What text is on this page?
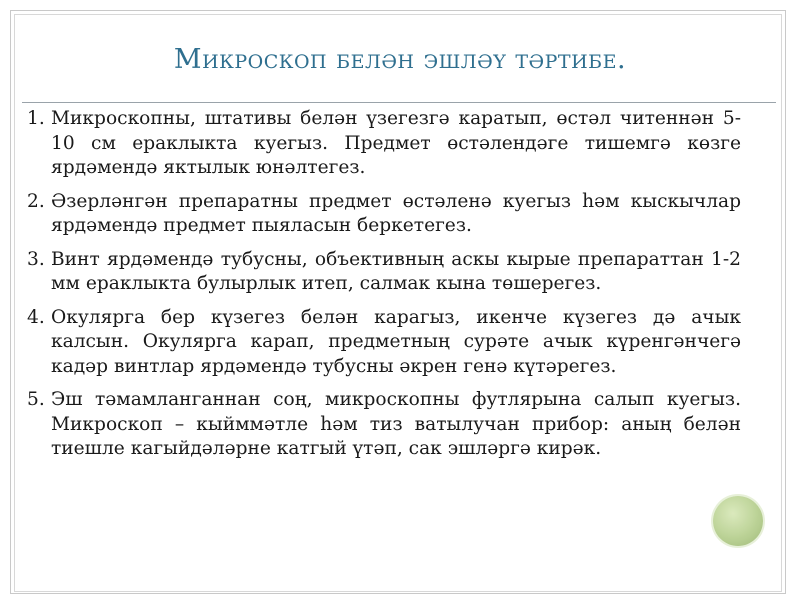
Микроскоп белән эшләү тәртибе.

1. Микроскопны, штативы белән үзегезгә каратып, өстәл читеннән 5-10 см ераклыкта куегыз. Предмет өстәлендәге тишемгә көзге ярдәмендә яктылык юнәлтегез.

2. Әзерләнгән препаратны предмет өстәленә куегыз һәм кыскычлар ярдәмендә предмет пыяласын беркетегез.

3. Винт ярдәмендә тубусны, объективның аскы кырые препараттан 1-2 мм ераклыкта булырлык итеп, салмак кына төшерегез.

4. Окулярга бер күзегез белән карагыз, икенче күзегез дә ачык калсын. Окулярга карап, предметның сурәте ачык күренгәнчегә кадәр винтлар ярдәмендә тубусны әкрен генә күтәрегез.

5. Эш тәмамланганнан соң, микроскопны футлярына салып куегыз. Микроскоп – кыйммәтле һәм тиз ватылучан прибор: аның белән тиешле кагыйдәләрне катгый үтәп, сак эшләргә кирәк.
